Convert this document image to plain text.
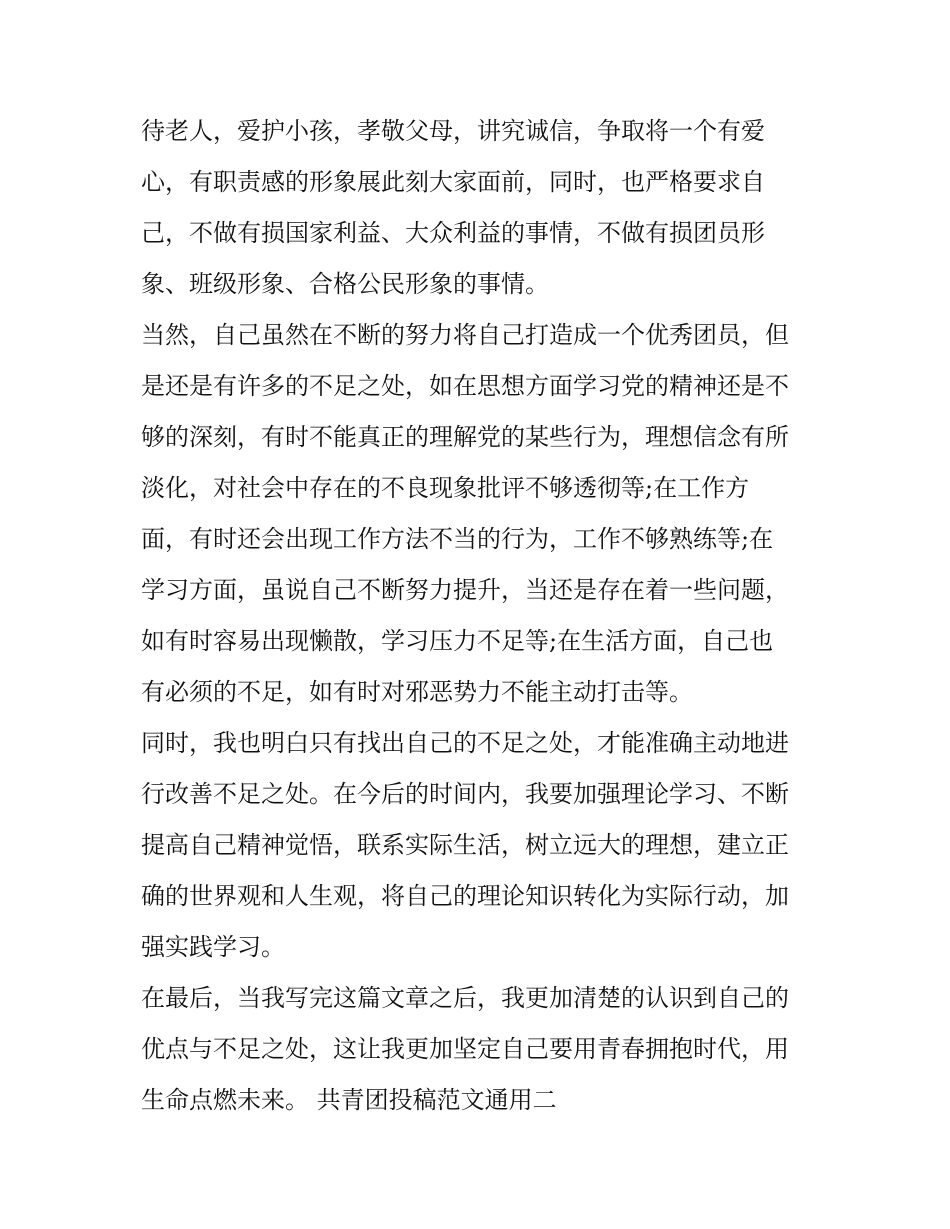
待老人，爱护小孩，孝敬父母，讲究诚信，争取将一个有爱
心，有职责感的形象展此刻大家面前，同时，也严格要求自
己，不做有损国家利益、大众利益的事情，不做有损团员形
象、班级形象、合格公民形象的事情。
当然，自己虽然在不断的努力将自己打造成一个优秀团员，但
是还是有许多的不足之处，如在思想方面学习党的精神还是不
够的深刻，有时不能真正的理解党的某些行为，理想信念有所
淡化，对社会中存在的不良现象批评不够透彻等;在工作方
面，有时还会出现工作方法不当的行为，工作不够熟练等;在
学习方面，虽说自己不断努力提升，当还是存在着一些问题，
如有时容易出现懒散，学习压力不足等;在生活方面，自己也
有必须的不足，如有时对邪恶势力不能主动打击等。
同时，我也明白只有找出自己的不足之处，才能准确主动地进
行改善不足之处。在今后的时间内，我要加强理论学习、不断
提高自己精神觉悟，联系实际生活，树立远大的理想，建立正
确的世界观和人生观，将自己的理论知识转化为实际行动，加
强实践学习。
在最后，当我写完这篇文章之后，我更加清楚的认识到自己的
优点与不足之处，这让我更加坚定自己要用青春拥抱时代，用
生命点燃未来。 共青团投稿范文通用二
